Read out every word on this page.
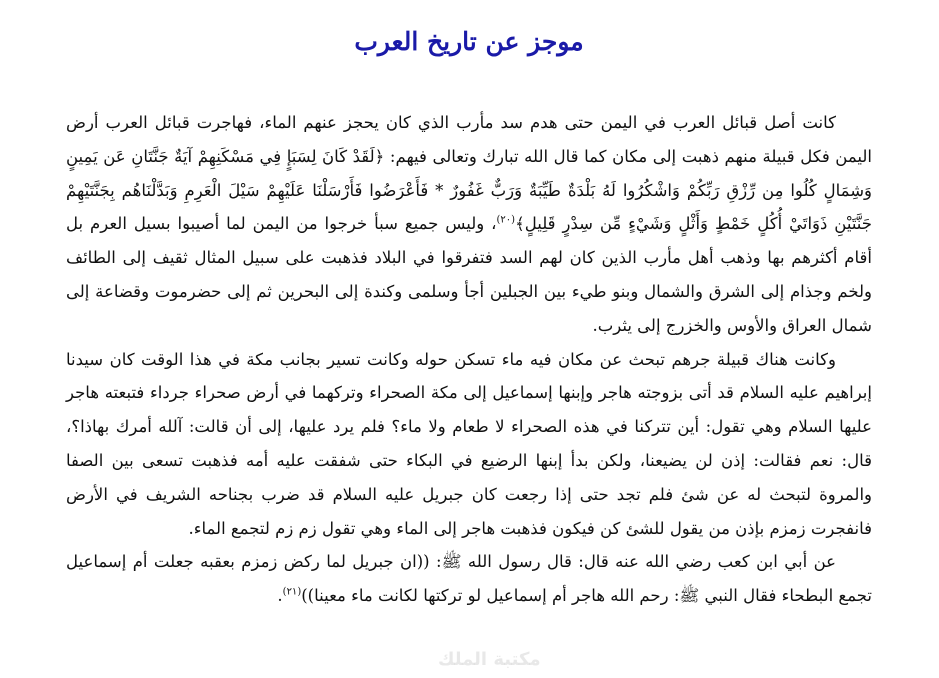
موجز عن تاريخ العرب

كانت أصل قبائل العرب في اليمن حتى هدم سد مأرب الذي كان يحجز عنهم الماء، فهاجرت قبائل العرب أرض اليمن فكل قبيلة منهم ذهبت إلى مكان كما قال الله تبارك وتعالى فيهم: ﴿لَقَدْ كَانَ لِسَبَإٍ فِي مَسْكَنِهِمْ آيَةٌ جَنَّتَانِ عَن يَمِينٍ وَشِمَالٍ كُلُوا مِن رِّزْقِ رَبِّكُمْ وَاشْكُرُوا لَهُ بَلْدَةٌ طَيِّبَةٌ وَرَبٌّ غَفُورٌ * فَأَعْرَضُوا فَأَرْسَلْنَا عَلَيْهِمْ سَيْلَ الْعَرِمِ وَبَدَّلْنَاهُم بِجَنَّتَيْهِمْ جَنَّتَيْنِ ذَوَاتَيْ أُكُلٍ خَمْطٍ وَأَثْلٍ وَشَيْءٍ مِّن سِدْرٍ قَلِيلٍ﴾$^{(٢٠)}$، وليس جميع سبأ خرجوا من اليمن لما أصيبوا بسيل العرم بل أقام أكثرهم بها وذهب أهل مأرب الذين كان لهم السد فتفرقوا في البلاد فذهبت على سبيل المثال ثقيف إلى الطائف ولخم وجذام إلى الشرق والشمال وبنو طيء بين الجبلين أجأ وسلمى وكندة إلى البحرين ثم إلى حضرموت وقضاعة إلى شمال العراق والأوس والخزرج إلى يثرب.

وكانت هناك قبيلة جرهم تبحث عن مكان فيه ماء تسكن حوله وكانت تسير بجانب مكة في هذا الوقت كان سيدنا إبراهيم عليه السلام قد أتى بزوجته هاجر وإبنها إسماعيل إلى مكة الصحراء وتركهما في أرض صحراء جرداء فتبعته هاجر عليها السلام وهي تقول: أين تتركنا في هذه الصحراء لا طعام ولا ماء؟ فلم يرد عليها، إلى أن قالت: آلله أمرك بهاذا؟، قال: نعم فقالت: إذن لن يضيعنا، ولكن بدأ إبنها الرضيع في البكاء حتى شفقت عليه أمه فذهبت تسعى بين الصفا والمروة لتبحث له عن شئ فلم تجد حتى إذا رجعت كان جبريل عليه السلام قد ضرب بجناحه الشريف في الأرض فانفجرت زمزم بإذن من يقول للشئ كن فيكون فذهبت هاجر إلى الماء وهي تقول زم زم لتجمع الماء.

عن أبي ابن كعب رضي الله عنه قال: قال رسول الله ﷺ: ((ان جبريل لما ركض زمزم بعقبه جعلت أم إسماعيل تجمع البطحاء فقال النبي ﷺ: رحم الله هاجر أم إسماعيل لو تركتها لكانت ماء معينا))$^{(٢١)}$.

مكتبة الملك
